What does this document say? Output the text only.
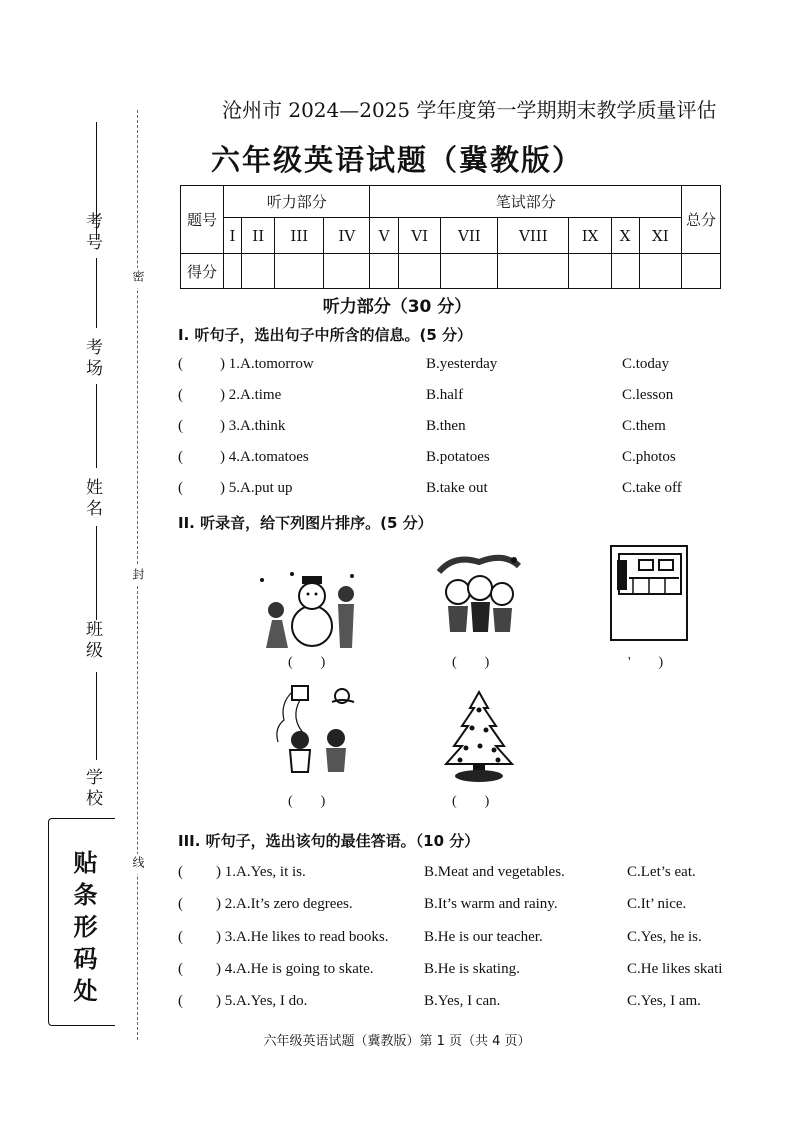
考号
考场
姓名
班级
学校
密
封
线
贴条形码处
沧州市 2024—2025 学年度第一学期期末教学质量评估
六年级英语试题（冀教版）
题号	听力部分				笔试部分							总分
	I	II	III	IV	V	VI	VII	VIII	IX	X	XI	
得分												
听力部分（30 分）
I. 听句子，选出句子中所含的信息。(5 分）
( ) 1.A.tomorrow	B.yesterday	C.today
( ) 2.A.time	B.half	C.lesson
( ) 3.A.think	B.then	C.them
( ) 4.A.tomatoes	B.potatoes	C.photos
( ) 5.A.put up	B.take out	C.take off
II. 听录音，给下列图片排序。(5 分）
(　　)	(　　)	'　　)
(　　)	(　　)
III. 听句子，选出该句的最佳答语。（10 分）
( ) 1.A.Yes, it is.	B.Meat and vegetables.	C.Let’s eat.
( ) 2.A.It’s zero degrees.	B.It’s warm and rainy.	C.It’ nice.
( ) 3.A.He likes to read books. B.He is our teacher.	C.Yes, he is.
( ) 4.A.He is going to skate.	B.He is skating.	C.He likes skati
( ) 5.A.Yes, I do.	B.Yes, I can.	C.Yes, I am.
六年级英语试题（冀教版）第 1 页（共 4 页）
